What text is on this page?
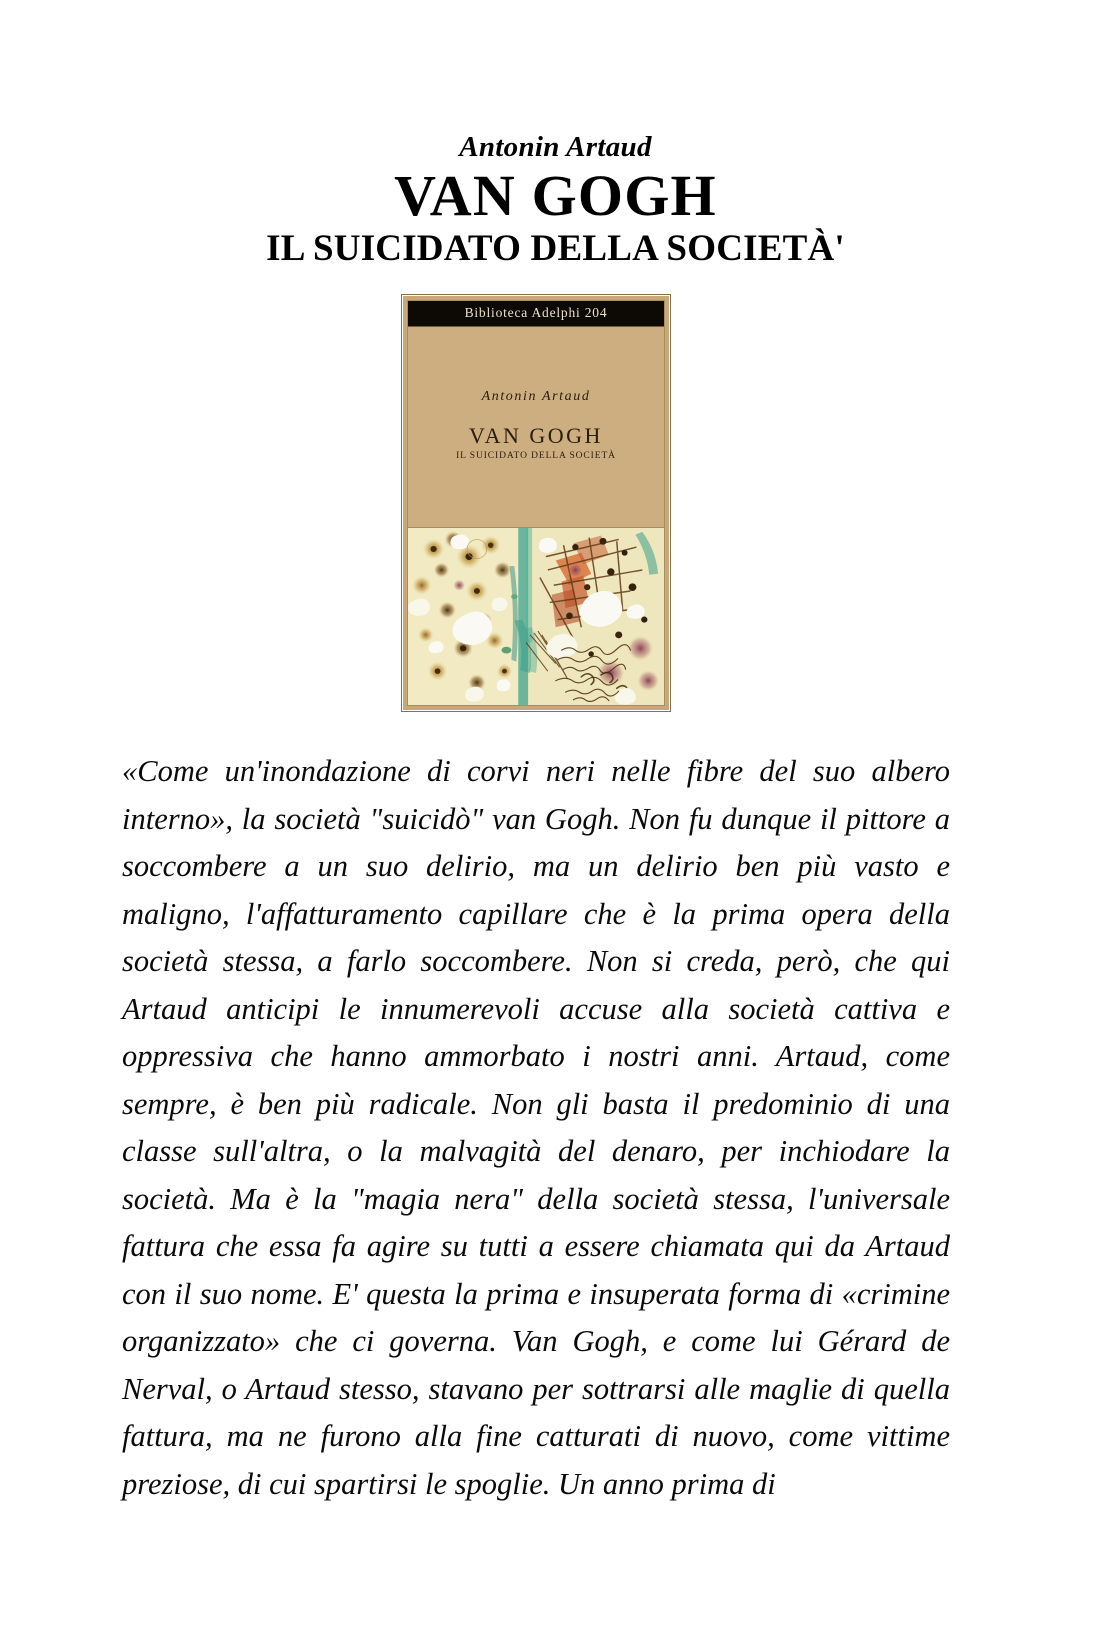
Antonin Artaud
VAN GOGH
IL SUICIDATO DELLA SOCIETÀ'
Biblioteca Adelphi 204
Antonin Artaud
VAN GOGH
IL SUICIDATO DELLA SOCIETÀ

«Come un'inondazione di corvi neri nelle fibre del suo albero interno», la società "suicidò" van Gogh. Non fu dunque il pittore a soccombere a un suo delirio, ma un delirio ben più vasto e maligno, l'affatturamento capillare che è la prima opera della società stessa, a farlo soccombere. Non si creda, però, che qui Artaud anticipi le innumerevoli accuse alla società cattiva e oppressiva che hanno ammorbato i nostri anni. Artaud, come sempre, è ben più radicale. Non gli basta il predominio di una classe sull'altra, o la malvagità del denaro, per inchiodare la società. Ma è la "magia nera" della società stessa, l'universale fattura che essa fa agire su tutti a essere chiamata qui da Artaud con il suo nome. E' questa la prima e insuperata forma di «crimine organizzato» che ci governa. Van Gogh, e come lui Gérard de Nerval, o Artaud stesso, stavano per sottrarsi alle maglie di quella fattura, ma ne furono alla fine catturati di nuovo, come vittime preziose, di cui spartirsi le spoglie. Un anno prima di
